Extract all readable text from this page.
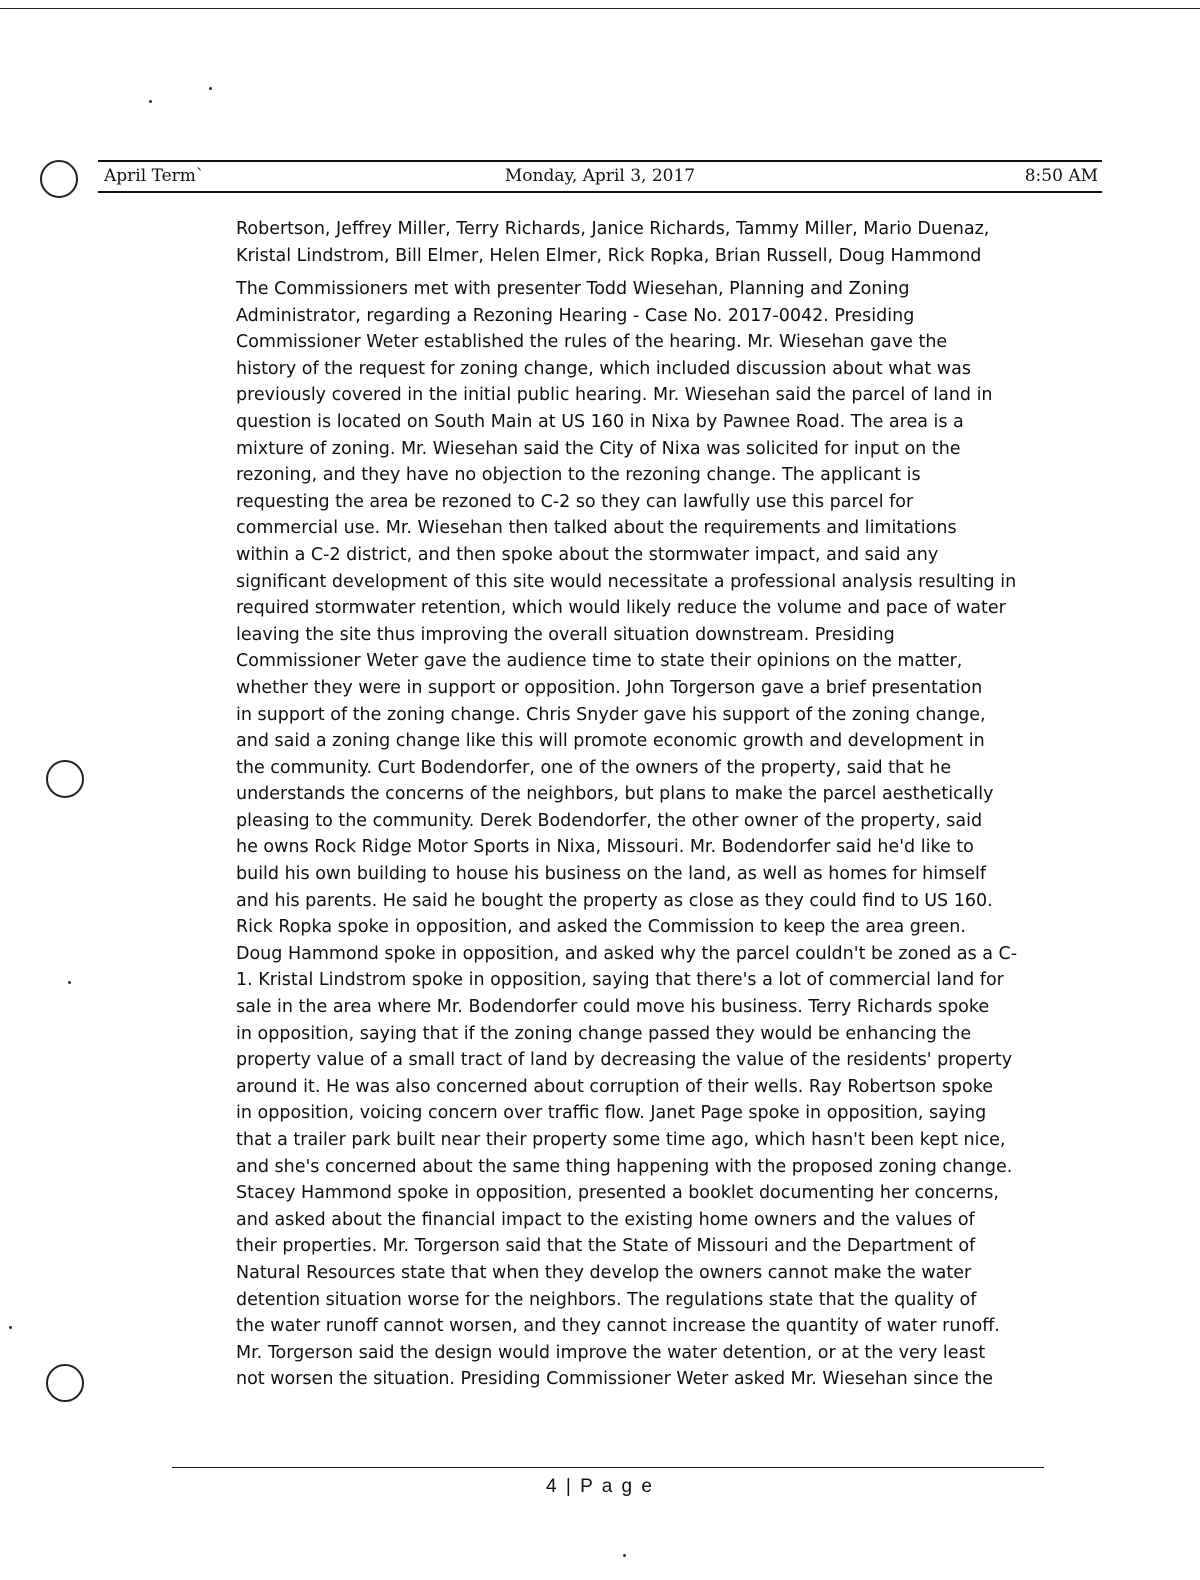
Monday, April 3, 2017
April Term`	8:50 AM
Robertson, Jeffrey Miller, Terry Richards, Janice Richards, Tammy Miller, Mario Duenaz,
Kristal Lindstrom, Bill Elmer, Helen Elmer, Rick Ropka, Brian Russell, Doug Hammond
The Commissioners met with presenter Todd Wiesehan, Planning and Zoning
Administrator, regarding a Rezoning Hearing - Case No. 2017-0042. Presiding
Commissioner Weter established the rules of the hearing. Mr. Wiesehan gave the
history of the request for zoning change, which included discussion about what was
previously covered in the initial public hearing. Mr. Wiesehan said the parcel of land in
question is located on South Main at US 160 in Nixa by Pawnee Road. The area is a
mixture of zoning. Mr. Wiesehan said the City of Nixa was solicited for input on the
rezoning, and they have no objection to the rezoning change. The applicant is
requesting the area be rezoned to C-2 so they can lawfully use this parcel for
commercial use. Mr. Wiesehan then talked about the requirements and limitations
within a C-2 district, and then spoke about the stormwater impact, and said any
significant development of this site would necessitate a professional analysis resulting in
required stormwater retention, which would likely reduce the volume and pace of water
leaving the site thus improving the overall situation downstream. Presiding
Commissioner Weter gave the audience time to state their opinions on the matter,
whether they were in support or opposition. John Torgerson gave a brief presentation
in support of the zoning change. Chris Snyder gave his support of the zoning change,
and said a zoning change like this will promote economic growth and development in
the community. Curt Bodendorfer, one of the owners of the property, said that he
understands the concerns of the neighbors, but plans to make the parcel aesthetically
pleasing to the community. Derek Bodendorfer, the other owner of the property, said
he owns Rock Ridge Motor Sports in Nixa, Missouri. Mr. Bodendorfer said he'd like to
build his own building to house his business on the land, as well as homes for himself
and his parents. He said he bought the property as close as they could find to US 160.
Rick Ropka spoke in opposition, and asked the Commission to keep the area green.
Doug Hammond spoke in opposition, and asked why the parcel couldn't be zoned as a C-
1. Kristal Lindstrom spoke in opposition, saying that there's a lot of commercial land for
sale in the area where Mr. Bodendorfer could move his business. Terry Richards spoke
in opposition, saying that if the zoning change passed they would be enhancing the
property value of a small tract of land by decreasing the value of the residents' property
around it. He was also concerned about corruption of their wells. Ray Robertson spoke
in opposition, voicing concern over traffic flow. Janet Page spoke in opposition, saying
that a trailer park built near their property some time ago, which hasn't been kept nice,
and she's concerned about the same thing happening with the proposed zoning change.
Stacey Hammond spoke in opposition, presented a booklet documenting her concerns,
and asked about the financial impact to the existing home owners and the values of
their properties. Mr. Torgerson said that the State of Missouri and the Department of
Natural Resources state that when they develop the owners cannot make the water
detention situation worse for the neighbors. The regulations state that the quality of
the water runoff cannot worsen, and they cannot increase the quantity of water runoff.
Mr. Torgerson said the design would improve the water detention, or at the very least
not worsen the situation. Presiding Commissioner Weter asked Mr. Wiesehan since the
4 | P a g e
